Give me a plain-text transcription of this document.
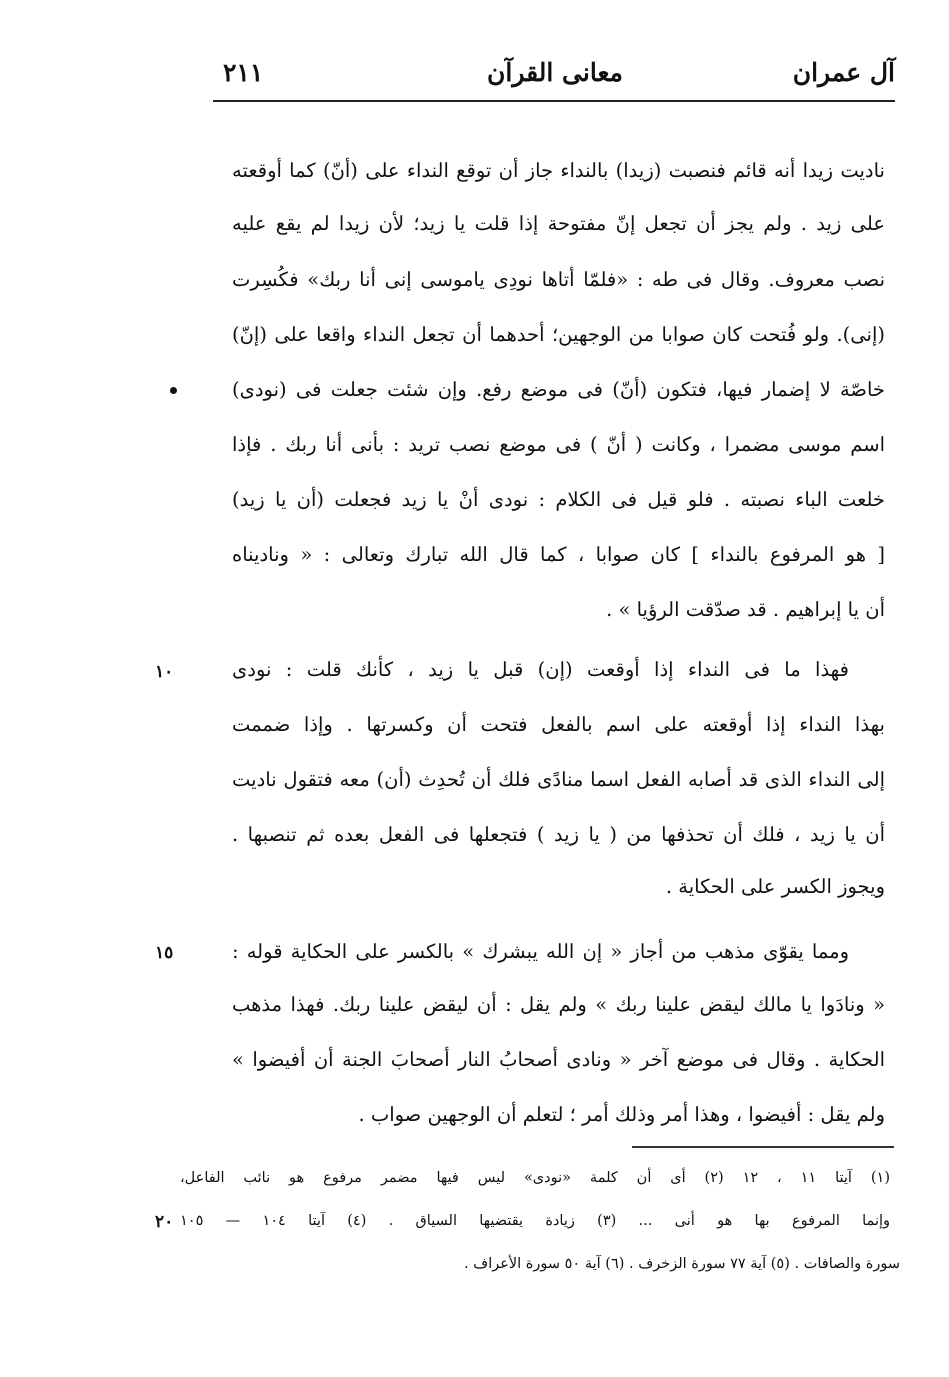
آل عمران
معانى القرآن
٢١١
ناديت زيدا أنه قائم فنصبت (زيدا) بالنداء جاز أن توقع النداء على (أنّ) كما أوقعته
على زيد . ولم يجز أن تجعل إنّ مفتوحة إذا قلت يا زيد؛ لأن زيدا لم يقع عليه
نصب معروف. وقال فى طه : «فلمّا أتاها نودِى ياموسى إنى أنا ربك» فكُسِرت
(إنى). ولو فُتحت كان صوابا من الوجهين؛ أحدهما أن تجعل النداء واقعا على (إنّ)
خاصّة لا إضمار فيها، فتكون (أنّ) فى موضع رفع. وإن شئت جعلت فى (نودى)
اسم موسى مضمرا ، وكانت ( أنّ ) فى موضع نصب تريد : بأنى أنا ربك . فإذا
خلعت الباء نصبته . فلو قيل فى الكلام : نودى أنْ يا زيد فجعلت (أن يا زيد)
[ هو المرفوع بالنداء ] كان صوابا ، كما قال الله تبارك وتعالى : « وناديناه
أن يا إبراهيم . قد صدّقت الرؤيا » .
فهذا ما فى النداء إذا أوقعت (إن) قبل يا زيد ، كأنك قلت : نودى
بهذا النداء إذا أوقعته على اسم بالفعل فتحت أن وكسرتها . وإذا ضممت
إلى النداء الذى قد أصابه الفعل اسما منادًى فلك أن تُحدِث (أن) معه فتقول ناديت
أن يا زيد ، فلك أن تحذفها من ( يا زيد ) فتجعلها فى الفعل بعده ثم تنصبها .
ويجوز الكسر على الحكاية .
ومما يقوّى مذهب من أجاز « إن الله يبشرك » بالكسر على الحكاية قوله :
« ونادَوا يا مالك ليقض علينا ربك » ولم يقل : أن ليقض علينا ربك. فهذا مذهب
الحكاية . وقال فى موضع آخر « ونادى أصحابُ النار أصحابَ الجنة أن أفيضوا »
ولم يقل : أفيضوا ، وهذا أمر وذلك أمر ؛ لتعلم أن الوجهين صواب .
(١) آيتا ١١ ، ١٢ (٢) أى أن كلمة «نودى» ليس فيها مضمر مرفوع هو نائب الفاعل،
وإنما المرفوع بها هو أنى ... (٣) زيادة يقتضيها السياق . (٤) آيتا ١٠٤ — ١٠٥
سورة والصافات . (٥) آية ٧٧ سورة الزخرف . (٦) آية ٥٠ سورة الأعراف .
١٠
١٥
٢٠
